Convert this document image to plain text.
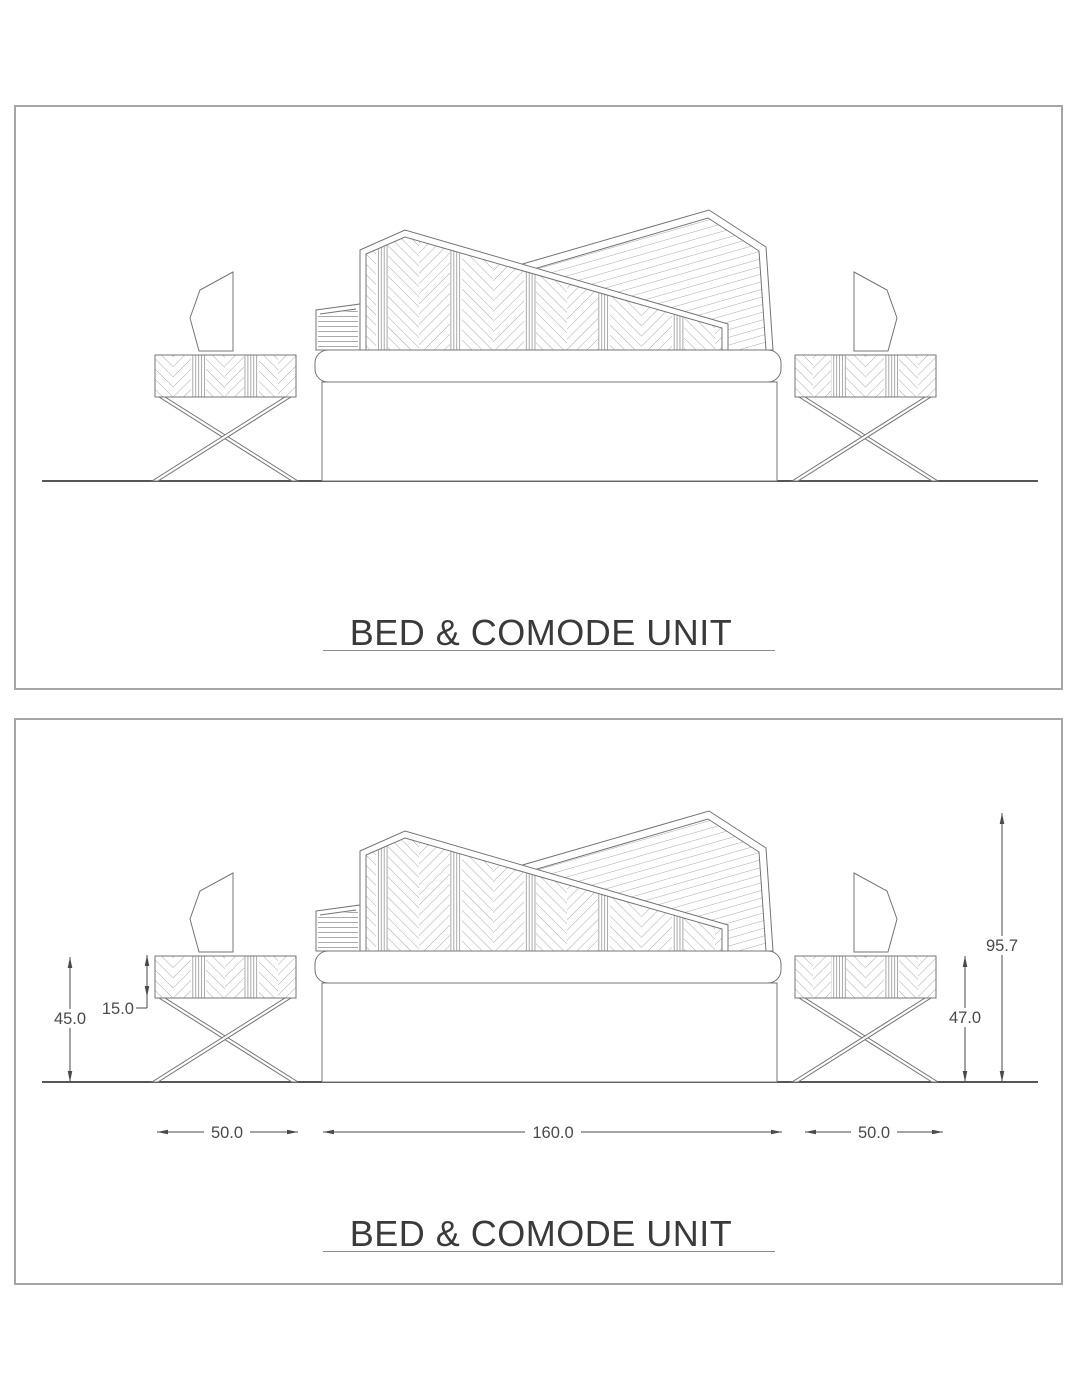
45.0
15.0	47.0
95.7
50.0	160.0	50.0
BED & COMODE UNIT
BED & COMODE UNIT
